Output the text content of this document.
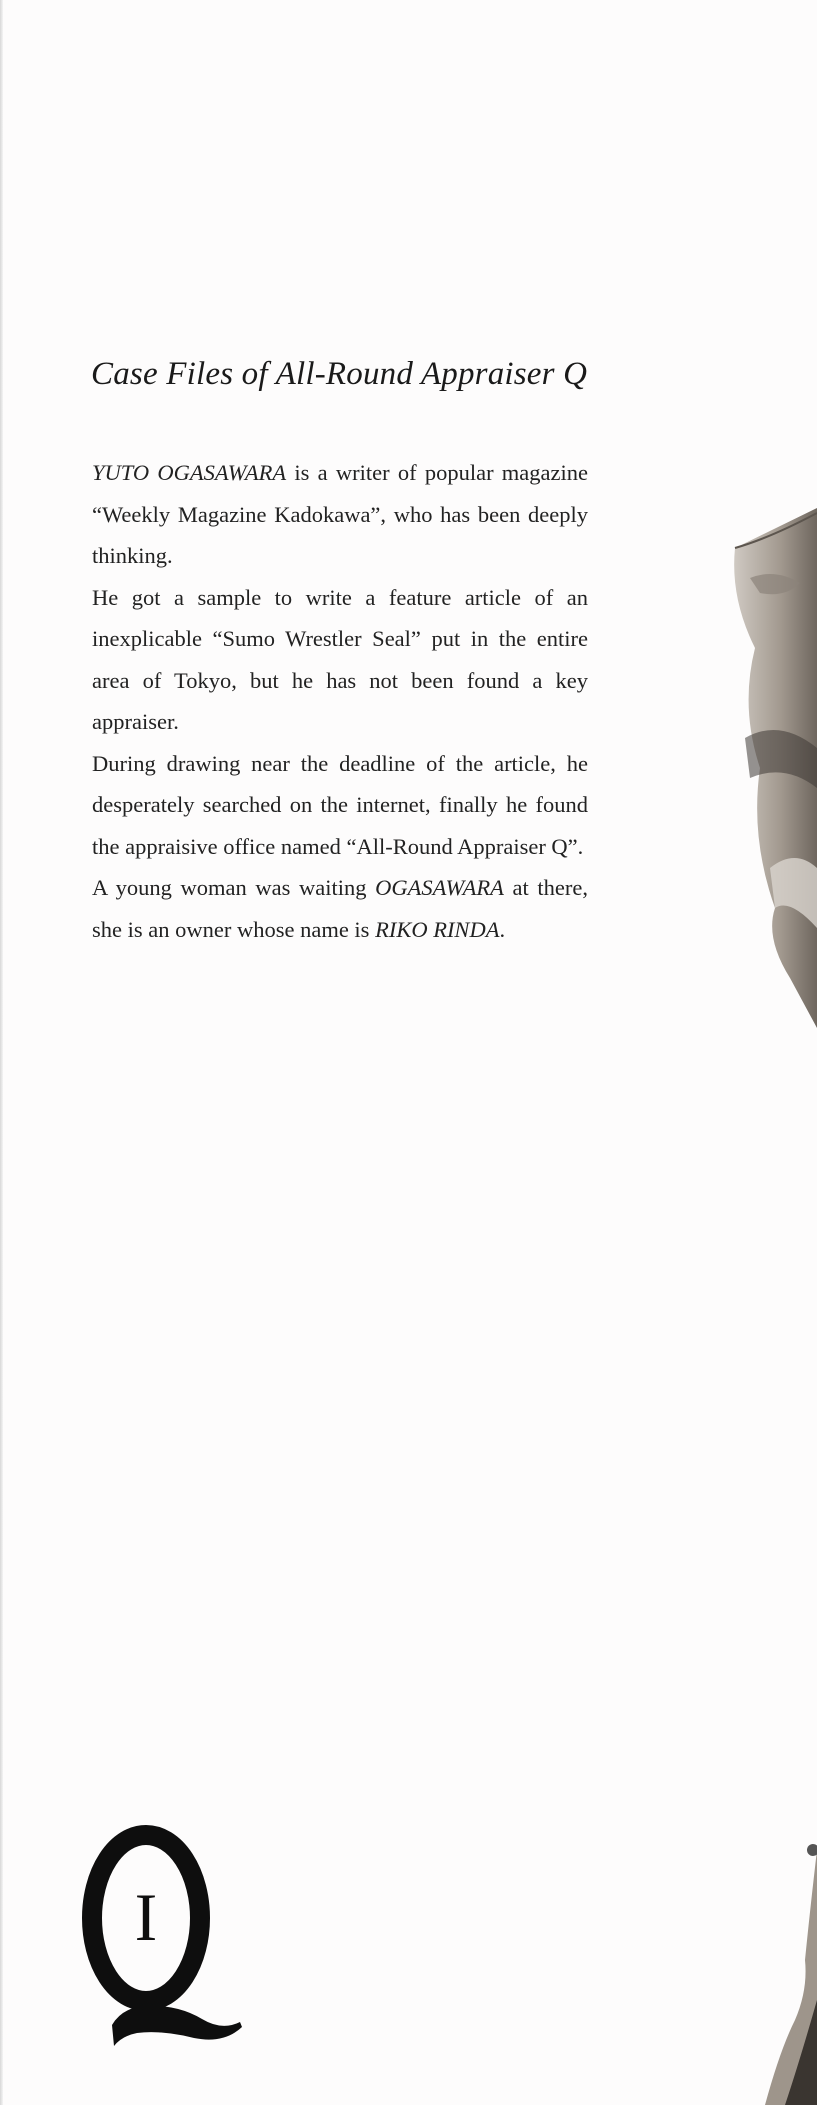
Case Files of All-Round Appraiser Q

YUTO OGASAWARA is a writer of popular magazine “Weekly Magazine Kadokawa”, who has been deeply thinking.

He got a sample to write a feature article of an inexplicable “Sumo Wrestler Seal” put in the entire area of Tokyo, but he has not been found a key appraiser.

During drawing near the deadline of the article, he desperately searched on the internet, finally he found the appraisive office named “All-Round Appraiser Q”.

A young woman was waiting OGASAWARA at there, she is an owner whose name is RIKO RINDA.

I
